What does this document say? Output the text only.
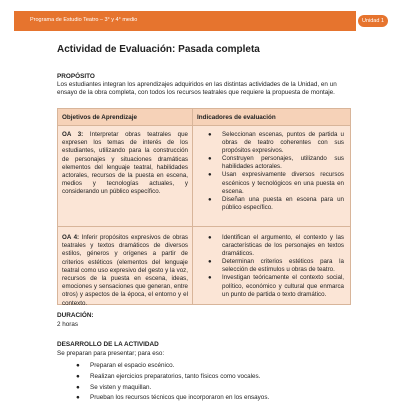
Programa de Estudio Teatro – 3° y 4° medio	Unidad 1
Actividad de Evaluación: Pasada completa
PROPÓSITO
Los estudiantes integran los aprendizajes adquiridos en las distintas actividades de la Unidad, en un ensayo de la obra completa, con todos los recursos teatrales que requiere la propuesta de montaje.
Objetivos de Aprendizaje	Indicadores de evaluación
OA 3: Interpretar obras teatrales que expresen los temas de interés de los estudiantes, utilizando para la construcción de personajes y situaciones dramáticas elementos del lenguaje teatral, habilidades actorales, recursos de la puesta en escena, medios y tecnologías actuales, y considerando un público específico.
● Seleccionan escenas, puntos de partida u obras de teatro coherentes con sus propósitos expresivos.
● Construyen personajes, utilizando sus habilidades actorales.
● Usan expresivamente diversos recursos escénicos y tecnológicos en una puesta en escena.
● Diseñan una puesta en escena para un público específico.
OA 4: Inferir propósitos expresivos de obras teatrales y textos dramáticos de diversos estilos, géneros y orígenes a partir de criterios estéticos (elementos del lenguaje teatral como uso expresivo del gesto y la voz, recursos de la puesta en escena, ideas, emociones y sensaciones que generan, entre otros) y aspectos de la época, el entorno y el contexto.
● Identifican el argumento, el contexto y las características de los personajes en textos dramáticos.
● Determinan criterios estéticos para la selección de estímulos u obras de teatro.
● Investigan teóricamente el contexto social, político, económico y cultural que enmarca un punto de partida o texto dramático.
DURACIÓN:
2 horas
DESARROLLO DE LA ACTIVIDAD
Se preparan para presentar; para eso:
● Preparan el espacio escénico.
● Realizan ejercicios preparatorios, tanto físicos como vocales.
● Se visten y maquillan.
● Prueban los recursos técnicos que incorporaron en los ensayos.
